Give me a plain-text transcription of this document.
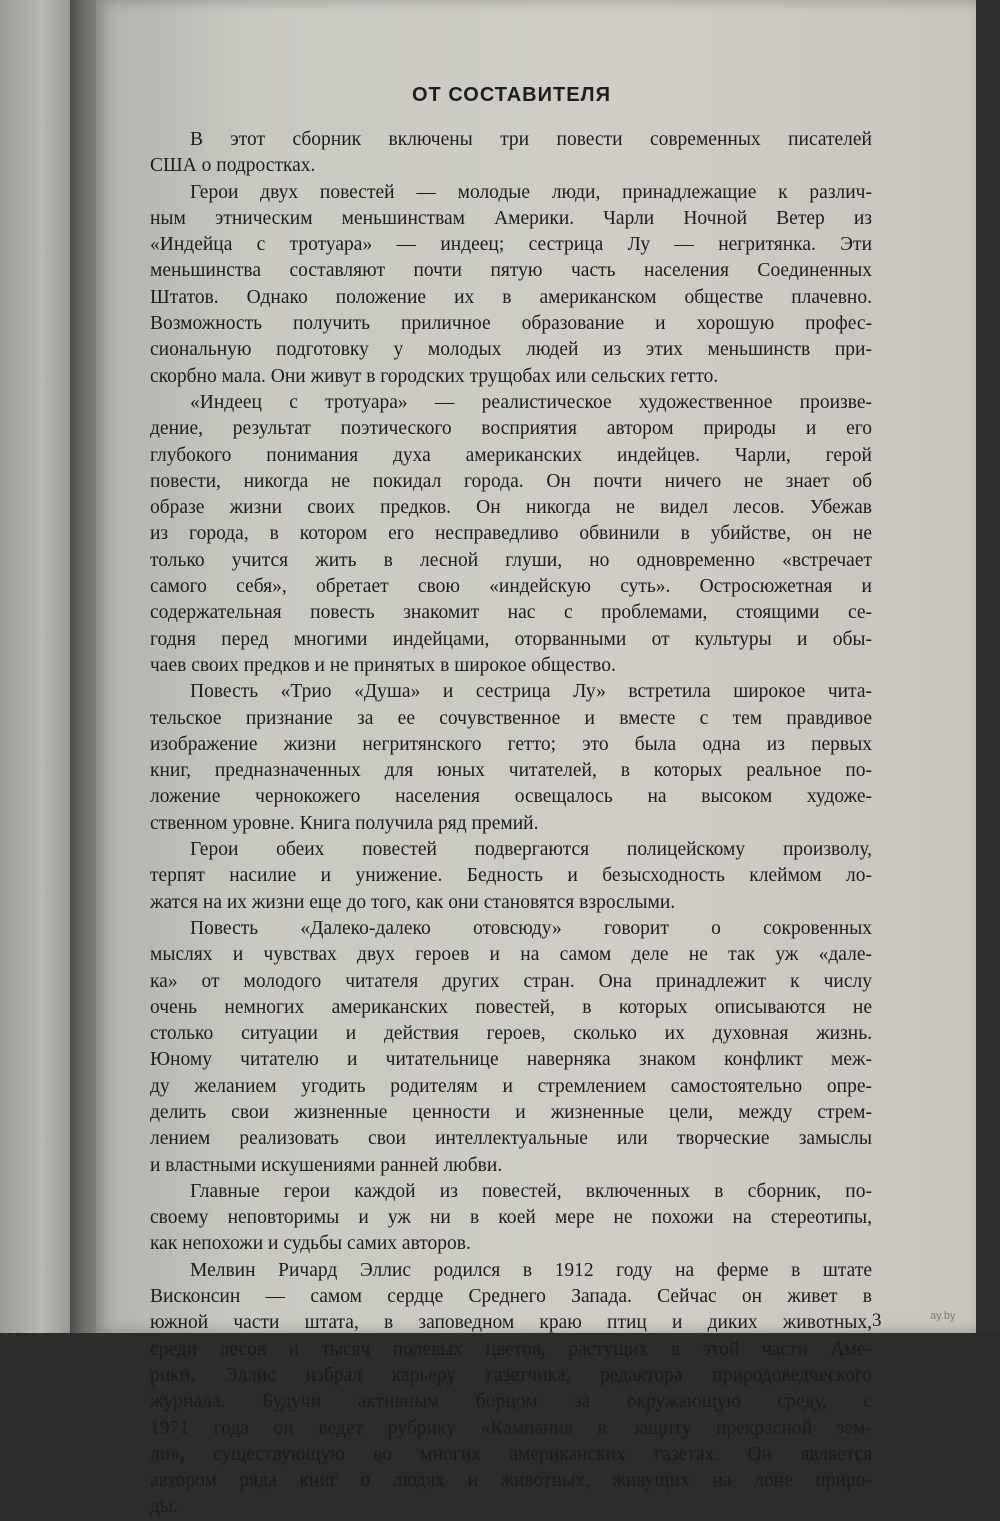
ОТ СОСТАВИТЕЛЯ
В этот сборник включены три повести современных писателей
США о подростках.
Герои двух повестей — молодые люди, принадлежащие к различ-
ным этническим меньшинствам Америки. Чарли Ночной Ветер из
«Индейца с тротуара» — индеец; сестрица Лу — негритянка. Эти
меньшинства составляют почти пятую часть населения Соединенных
Штатов. Однако положение их в американском обществе плачевно.
Возможность получить приличное образование и хорошую профес-
сиональную подготовку у молодых людей из этих меньшинств при-
скорбно мала. Они живут в городских трущобах или сельских гетто.
«Индеец с тротуара» — реалистическое художественное произве-
дение, результат поэтического восприятия автором природы и его
глубокого понимания духа американских индейцев. Чарли, герой
повести, никогда не покидал города. Он почти ничего не знает об
образе жизни своих предков. Он никогда не видел лесов. Убежав
из города, в котором его несправедливо обвинили в убийстве, он не
только учится жить в лесной глуши, но одновременно «встречает
самого себя», обретает свою «индейскую суть». Остросюжетная и
содержательная повесть знакомит нас с проблемами, стоящими се-
годня перед многими индейцами, оторванными от культуры и обы-
чаев своих предков и не принятых в широкое общество.
Повесть «Трио «Душа» и сестрица Лу» встретила широкое чита-
тельское признание за ее сочувственное и вместе с тем правдивое
изображение жизни негритянского гетто; это была одна из первых
книг, предназначенных для юных читателей, в которых реальное по-
ложение чернокожего населения освещалось на высоком художе-
ственном уровне. Книга получила ряд премий.
Герои обеих повестей подвергаются полицейскому произволу,
терпят насилие и унижение. Бедность и безысходность клеймом ло-
жатся на их жизни еще до того, как они становятся взрослыми.
Повесть «Далеко-далеко отовсюду» говорит о сокровенных
мыслях и чувствах двух героев и на самом деле не так уж «дале-
ка» от молодого читателя других стран. Она принадлежит к числу
очень немногих американских повестей, в которых описываются не
столько ситуации и действия героев, сколько их духовная жизнь.
Юному читателю и читательнице наверняка знаком конфликт меж-
ду желанием угодить родителям и стремлением самостоятельно опре-
делить свои жизненные ценности и жизненные цели, между стрем-
лением реализовать свои интеллектуальные или творческие замыслы
и властными искушениями ранней любви.
Главные герои каждой из повестей, включенных в сборник, по-
своему неповторимы и уж ни в коей мере не похожи на стереотипы,
как непохожи и судьбы самих авторов.
Мелвин Ричард Эллис родился в 1912 году на ферме в штате
Висконсин — самом сердце Среднего Запада. Сейчас он живет в
южной части штата, в заповедном краю птиц и диких животных,
среди лесов и тысяч полевых цветов, растущих в этой части Аме-
рики. Эллис избрал карьеру газетчика, редактора природоведческого
журнала. Будучи активным борцом за окружающую среду, с
1971 года он ведет рубрику «Кампания в защиту прекрасной зем-
ли», существующую во многих американских газетах. Он является
автором ряда книг о людях и животных, живущих на лоне приро-
ды.
3	ay.by
